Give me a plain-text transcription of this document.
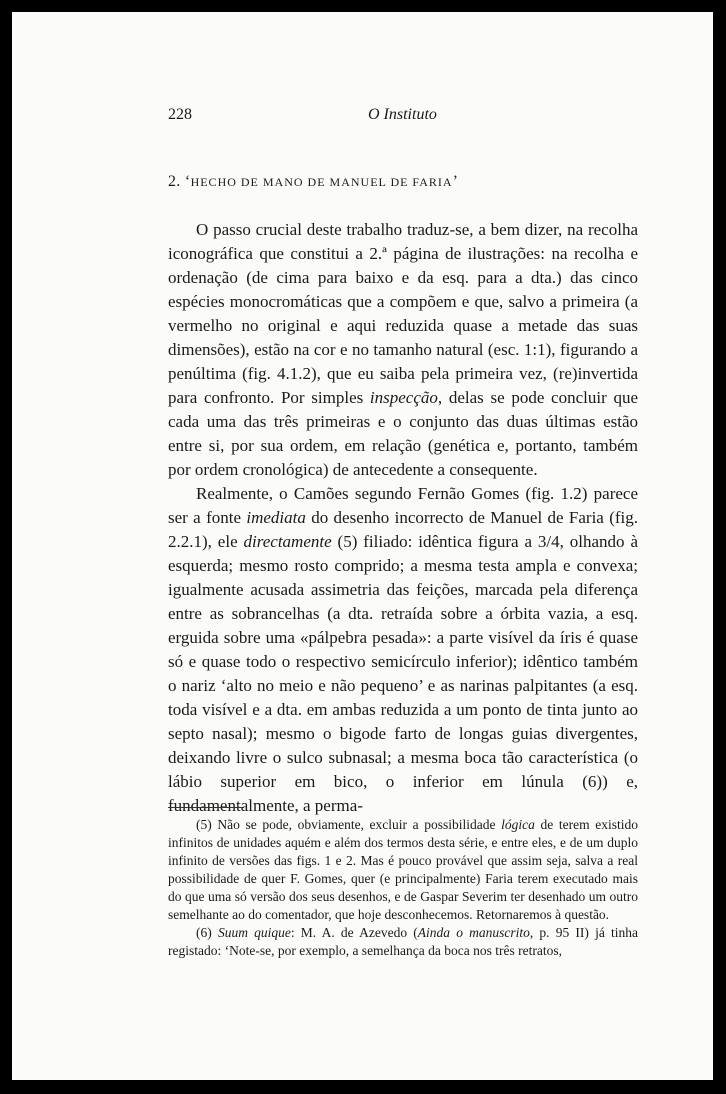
228	O Instituto
2. ‘HECHO DE MANO DE MANUEL DE FARIA’

O passo crucial deste trabalho traduz-se, a bem dizer, na recolha iconográfica que constitui a 2.ª página de ilustrações: na recolha e ordenação (de cima para baixo e da esq. para a dta.) das cinco espécies monocromáticas que a compõem e que, salvo a primeira (a vermelho no original e aqui reduzida quase a metade das suas dimensões), estão na cor e no tamanho natural (esc. 1:1), figurando a penúltima (fig. 4.1.2), que eu saiba pela primeira vez, (re)invertida para confronto. Por simples inspecção, delas se pode concluir que cada uma das três primeiras e o conjunto das duas últimas estão entre si, por sua ordem, em relação (genética e, portanto, também por ordem cronológica) de antecedente a consequente.

Realmente, o Camões segundo Fernão Gomes (fig. 1.2) parece ser a fonte imediata do desenho incorrecto de Manuel de Faria (fig. 2.2.1), ele directamente (5) filiado: idêntica figura a 3/4, olhando à esquerda; mesmo rosto comprido; a mesma testa ampla e convexa; igualmente acusada assimetria das feições, marcada pela diferença entre as sobrancelhas (a dta. retraída sobre a órbita vazia, a esq. erguida sobre uma «pálpebra pesada»: a parte visível da íris é quase só e quase todo o respectivo semicírculo inferior); idêntico também o nariz ‘alto no meio e não pequeno’ e as narinas palpitantes (a esq. toda visível e a dta. em ambas reduzida a um ponto de tinta junto ao septo nasal); mesmo o bigode farto de longas guias divergentes, deixando livre o sulco subnasal; a mesma boca tão característica (o lábio superior em bico, o inferior em lúnula (6)) e, fundamentalmente, a perma-

(5) Não se pode, obviamente, excluir a possibilidade lógica de terem existido infinitos de unidades aquém e além dos termos desta série, e entre eles, e de um duplo infinito de versões das figs. 1 e 2. Mas é pouco provável que assim seja, salva a real possibilidade de quer F. Gomes, quer (e principalmente) Faria terem executado mais do que uma só versão dos seus desenhos, e de Gaspar Severim ter desenhado um outro semelhante ao do comentador, que hoje desconhecemos. Retornaremos à questão.

(6) Suum quique: M. A. de Azevedo (Ainda o manuscrito, p. 95 II) já tinha registado: ‘Note-se, por exemplo, a semelhança da boca nos três retratos,
